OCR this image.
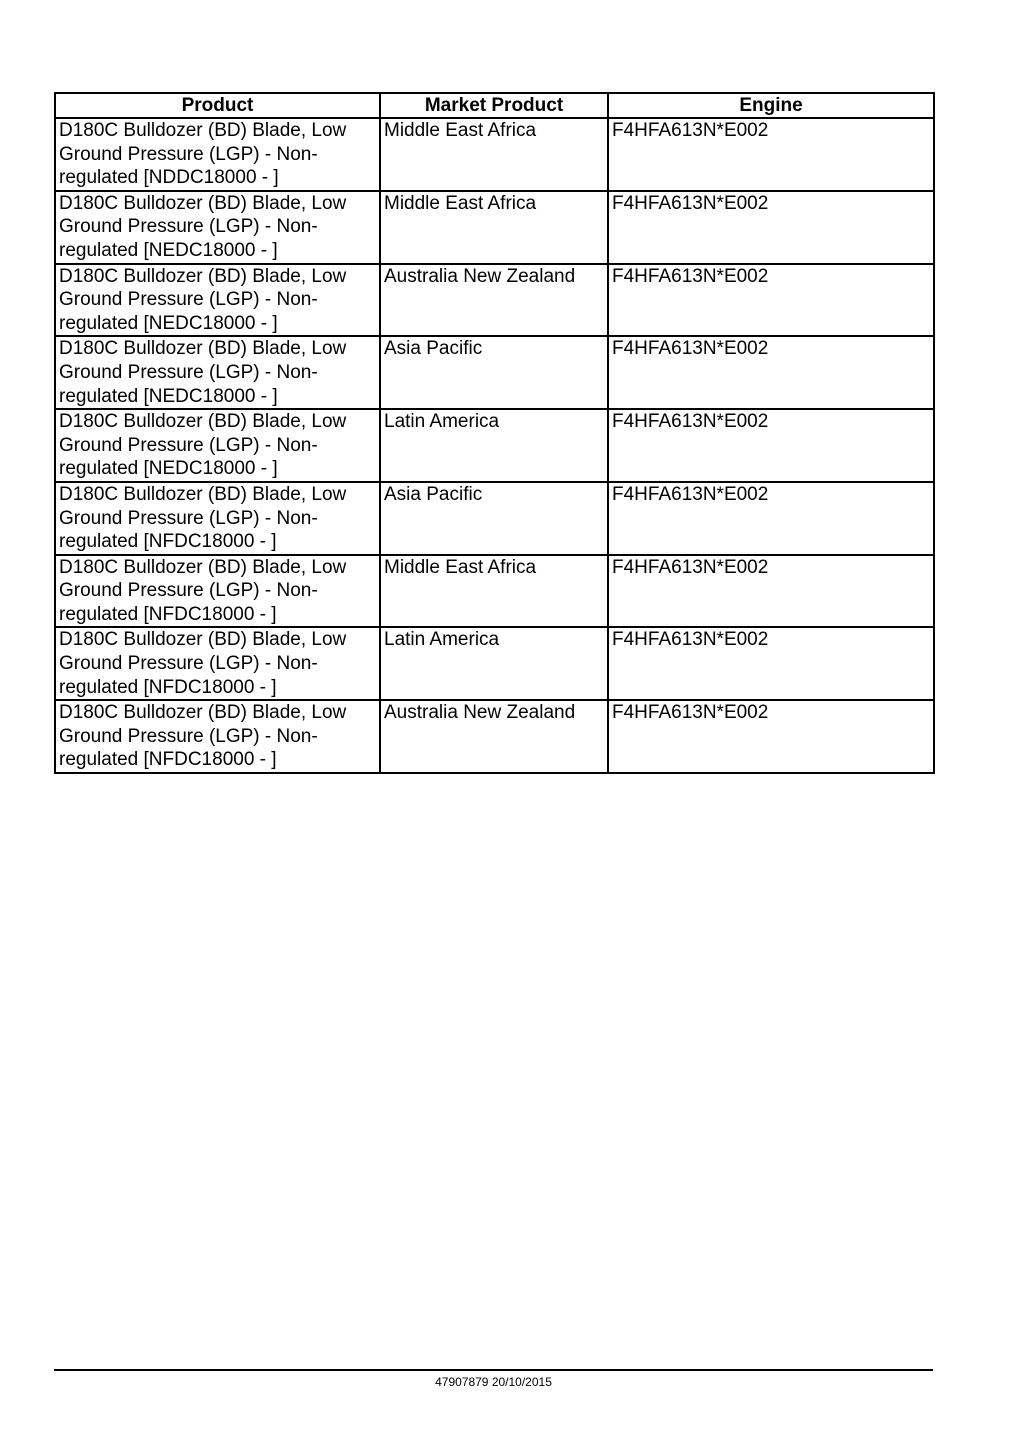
Product	Market Product	Engine
D180C Bulldozer (BD) Blade, Low Ground Pressure (LGP) - Non-regulated [NDDC18000 - ]	Middle East Africa	F4HFA613N*E002
D180C Bulldozer (BD) Blade, Low Ground Pressure (LGP) - Non-regulated [NEDC18000 - ]	Middle East Africa	F4HFA613N*E002
D180C Bulldozer (BD) Blade, Low Ground Pressure (LGP) - Non-regulated [NEDC18000 - ]	Australia New Zealand	F4HFA613N*E002
D180C Bulldozer (BD) Blade, Low Ground Pressure (LGP) - Non-regulated [NEDC18000 - ]	Asia Pacific	F4HFA613N*E002
D180C Bulldozer (BD) Blade, Low Ground Pressure (LGP) - Non-regulated [NEDC18000 - ]	Latin America	F4HFA613N*E002
D180C Bulldozer (BD) Blade, Low Ground Pressure (LGP) - Non-regulated [NFDC18000 - ]	Asia Pacific	F4HFA613N*E002
D180C Bulldozer (BD) Blade, Low Ground Pressure (LGP) - Non-regulated [NFDC18000 - ]	Middle East Africa	F4HFA613N*E002
D180C Bulldozer (BD) Blade, Low Ground Pressure (LGP) - Non-regulated [NFDC18000 - ]	Latin America	F4HFA613N*E002
D180C Bulldozer (BD) Blade, Low Ground Pressure (LGP) - Non-regulated [NFDC18000 - ]	Australia New Zealand	F4HFA613N*E002
47907879 20/10/2015
